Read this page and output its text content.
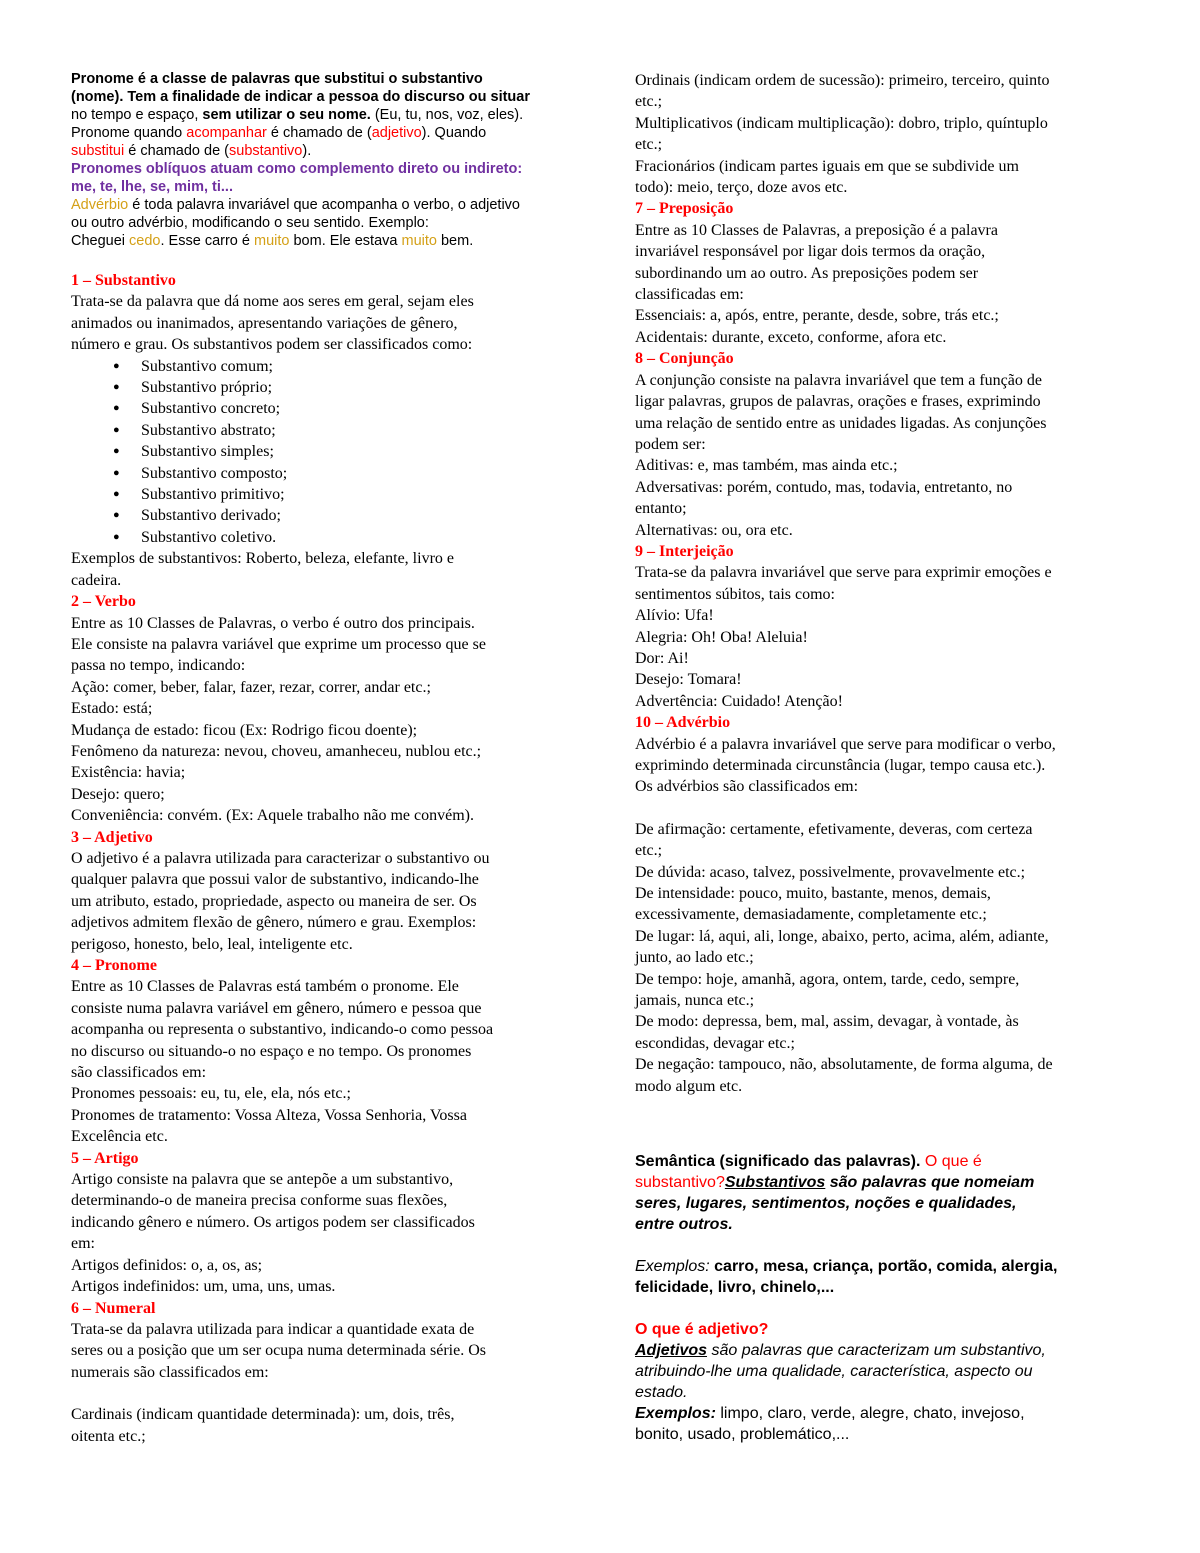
Pronome é a classe de palavras que substitui o substantivo

(nome). Tem a finalidade de indicar a pessoa do discurso ou situar

no tempo e espaço, sem utilizar o seu nome. (Eu, tu, nos, voz, eles).

Pronome quando acompanhar é chamado de (adjetivo). Quando

substitui é chamado de (substantivo).

Pronomes oblíquos atuam como complemento direto ou indireto:

me, te, lhe, se, mim, ti...

Advérbio é toda palavra invariável que acompanha o verbo, o adjetivo

ou outro advérbio, modificando o seu sentido. Exemplo:

Cheguei cedo. Esse carro é muito bom. Ele estava muito bem.

1 – Substantivo

Trata-se da palavra que dá nome aos seres em geral, sejam eles

animados ou inanimados, apresentando variações de gênero,

número e grau. Os substantivos podem ser classificados como:

● Substantivo comum;
● Substantivo próprio;
● Substantivo concreto;
● Substantivo abstrato;
● Substantivo simples;
● Substantivo composto;
● Substantivo primitivo;
● Substantivo derivado;
● Substantivo coletivo.

Exemplos de substantivos: Roberto, beleza, elefante, livro e

cadeira.

2 – Verbo

Entre as 10 Classes de Palavras, o verbo é outro dos principais.

Ele consiste na palavra variável que exprime um processo que se

passa no tempo, indicando:

Ação: comer, beber, falar, fazer, rezar, correr, andar etc.;

Estado: está;

Mudança de estado: ficou (Ex: Rodrigo ficou doente);

Fenômeno da natureza: nevou, choveu, amanheceu, nublou etc.;

Existência: havia;

Desejo: quero;

Conveniência: convém. (Ex: Aquele trabalho não me convém).

3 – Adjetivo

O adjetivo é a palavra utilizada para caracterizar o substantivo ou

qualquer palavra que possui valor de substantivo, indicando-lhe

um atributo, estado, propriedade, aspecto ou maneira de ser. Os

adjetivos admitem flexão de gênero, número e grau. Exemplos:

perigoso, honesto, belo, leal, inteligente etc.

4 – Pronome

Entre as 10 Classes de Palavras está também o pronome. Ele

consiste numa palavra variável em gênero, número e pessoa que

acompanha ou representa o substantivo, indicando-o como pessoa

no discurso ou situando-o no espaço e no tempo. Os pronomes

são classificados em:

Pronomes pessoais: eu, tu, ele, ela, nós etc.;

Pronomes de tratamento: Vossa Alteza, Vossa Senhoria, Vossa

Excelência etc.

5 – Artigo

Artigo consiste na palavra que se antepõe a um substantivo,

determinando-o de maneira precisa conforme suas flexões,

indicando gênero e número. Os artigos podem ser classificados

em:

Artigos definidos: o, a, os, as;

Artigos indefinidos: um, uma, uns, umas.

6 – Numeral

Trata-se da palavra utilizada para indicar a quantidade exata de

seres ou a posição que um ser ocupa numa determinada série. Os

numerais são classificados em:

Cardinais (indicam quantidade determinada): um, dois, três,

oitenta etc.;

Ordinais (indicam ordem de sucessão): primeiro, terceiro, quinto

etc.;

Multiplicativos (indicam multiplicação): dobro, triplo, quíntuplo

etc.;

Fracionários (indicam partes iguais em que se subdivide um

todo): meio, terço, doze avos etc.

7 – Preposição

Entre as 10 Classes de Palavras, a preposição é a palavra

invariável responsável por ligar dois termos da oração,

subordinando um ao outro. As preposições podem ser

classificadas em:

Essenciais: a, após, entre, perante, desde, sobre, trás etc.;

Acidentais: durante, exceto, conforme, afora etc.

8 – Conjunção

A conjunção consiste na palavra invariável que tem a função de

ligar palavras, grupos de palavras, orações e frases, exprimindo

uma relação de sentido entre as unidades ligadas. As conjunções

podem ser:

Aditivas: e, mas também, mas ainda etc.;

Adversativas: porém, contudo, mas, todavia, entretanto, no

entanto;

Alternativas: ou, ora etc.

9 – Interjeição

Trata-se da palavra invariável que serve para exprimir emoções e

sentimentos súbitos, tais como:

Alívio: Ufa!

Alegria: Oh! Oba! Aleluia!

Dor: Ai!

Desejo: Tomara!

Advertência: Cuidado! Atenção!

10 – Advérbio

Advérbio é a palavra invariável que serve para modificar o verbo,

exprimindo determinada circunstância (lugar, tempo causa etc.).

Os advérbios são classificados em:

De afirmação: certamente, efetivamente, deveras, com certeza

etc.;

De dúvida: acaso, talvez, possivelmente, provavelmente etc.;

De intensidade: pouco, muito, bastante, menos, demais,

excessivamente, demasiadamente, completamente etc.;

De lugar: lá, aqui, ali, longe, abaixo, perto, acima, além, adiante,

junto, ao lado etc.;

De tempo: hoje, amanhã, agora, ontem, tarde, cedo, sempre,

jamais, nunca etc.;

De modo: depressa, bem, mal, assim, devagar, à vontade, às

escondidas, devagar etc.;

De negação: tampouco, não, absolutamente, de forma alguma, de

modo algum etc.

Semântica (significado das palavras). O que é

substantivo?Substantivos são palavras que nomeiam

seres, lugares, sentimentos, noções e qualidades,

entre outros.

Exemplos: carro, mesa, criança, portão, comida, alergia,

felicidade, livro, chinelo,...

O que é adjetivo?

Adjetivos são palavras que caracterizam um substantivo,

atribuindo-lhe uma qualidade, característica, aspecto ou

estado.

Exemplos: limpo, claro, verde, alegre, chato, invejoso,

bonito, usado, problemático,...
